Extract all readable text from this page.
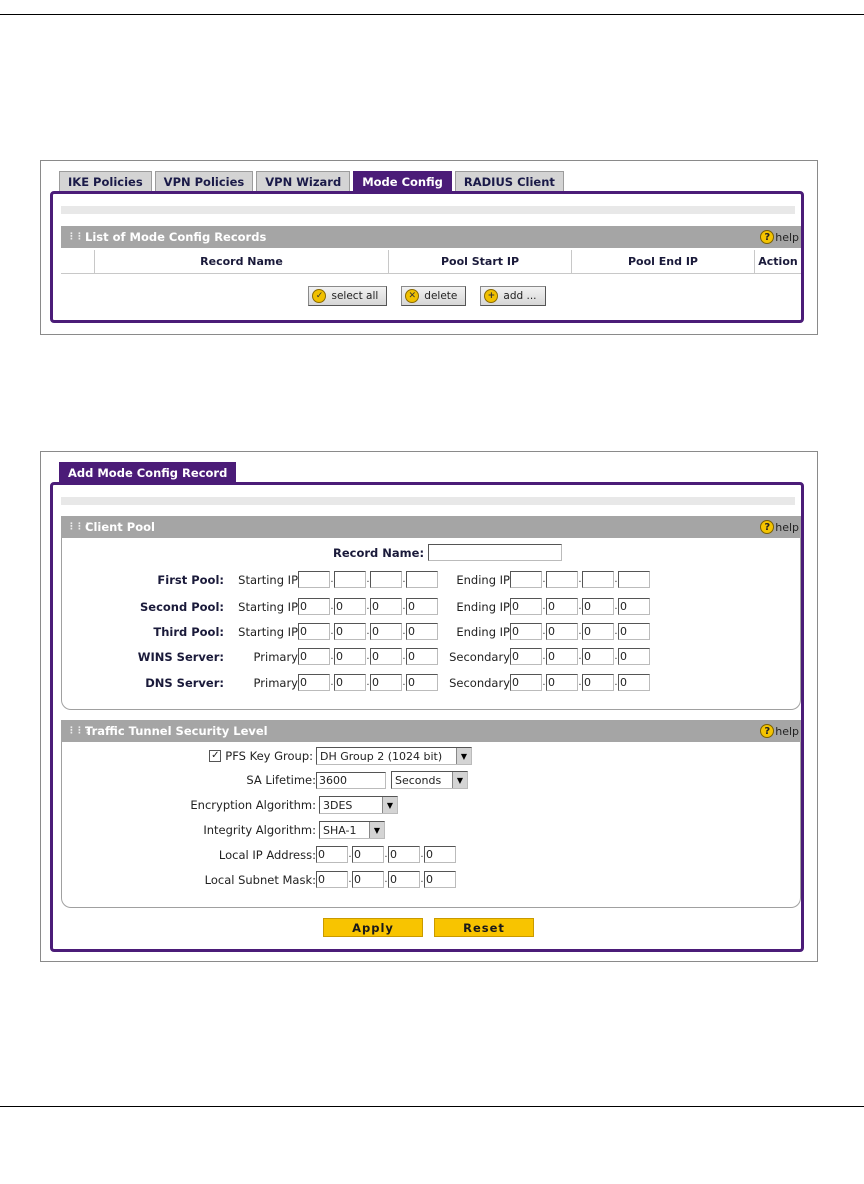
IKE Policies	VPN Policies	VPN Wizard	Mode Config	RADIUS Client
⋮⋮⋮
List of Mode Config Records	? help
Record Name	Pool Start IP	Pool End IP	Action
✓ select all	✕ delete	+ add ...
Add Mode Config Record
⋮⋮⋮
Client Pool	? help
Record Name:
First Pool:	Starting IP	.	.	.	Ending IP	.	.	.
Second Pool:	Starting IP 0	. 0	. 0	. 0	Ending IP 0	. 0	. 0	. 0
Third Pool:	Starting IP 0	. 0	. 0	. 0	Ending IP 0	. 0	. 0	. 0
WINS Server:	Primary 0	. 0	. 0	. 0	Secondary 0	. 0	. 0	. 0
DNS Server:	Primary 0	. 0	. 0	. 0	Secondary 0	. 0	. 0	. 0
⋮⋮⋮
Traffic Tunnel Security Level	? help
✓ PFS Key Group: DH Group 2 (1024 bit)	▼
SA Lifetime: 3600	Seconds	▼
Encryption Algorithm: 3DES	▼
Integrity Algorithm: SHA-1	▼
Local IP Address: 0	. 0	. 0	. 0
Local Subnet Mask: 0	. 0	. 0	. 0
Apply	Reset
